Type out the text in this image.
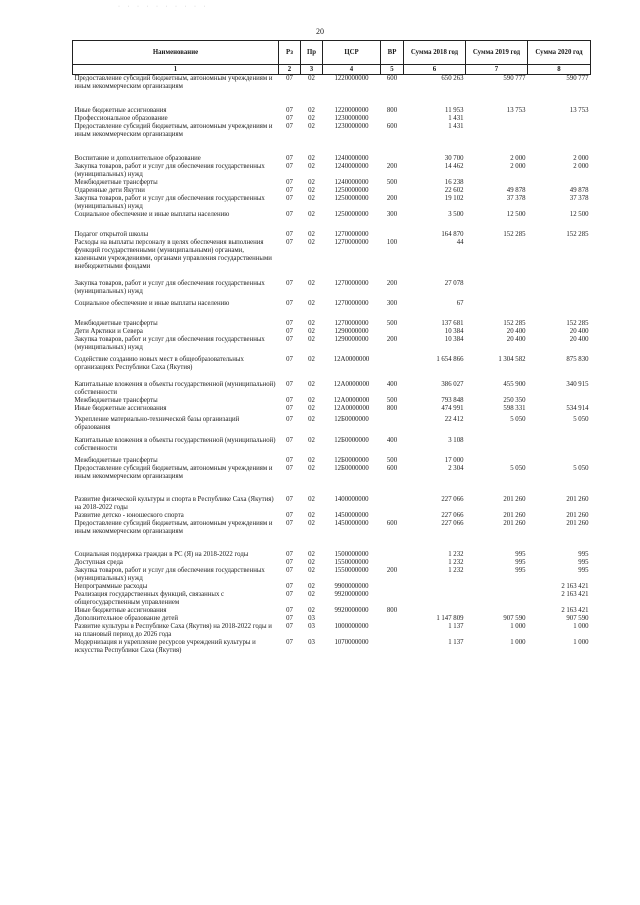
· · · · · · · · · ·
20
Наименование	Рз	Пр	ЦСР	ВР	Сумма 2018 год	Сумма 2019 год	Сумма 2020 год
1	2	3	4	5	6	7	8
Предоставление субсидий бюджетным, автономным учреждениям и иным некоммерческим организациям	07	02	1220000000	600	650 263	590 777	590 777

Иные бюджетные ассигнования	07	02	1220000000	800	11 953	13 753	13 753
Профессиональное образование	07	02	1230000000		1 431		
Предоставление субсидий бюджетным, автономным учреждениям и иным некоммерческим организациям	07	02	1230000000	600	1 431		

Воспитание и дополнительное образование	07	02	1240000000		30 700	2 000	2 000
Закупка товаров, работ и услуг для обеспечения государственных (муниципальных) нужд	07	02	1240000000	200	14 462	2 000	2 000
Межбюджетные трансферты	07	02	1240000000	500	16 238		
Одаренные дети Якутии	07	02	1250000000		22 602	49 878	49 878
Закупка товаров, работ и услуг для обеспечения государственных (муниципальных) нужд	07	02	1250000000	200	19 102	37 378	37 378
Социальное обеспечение и иные выплаты населению	07	02	1250000000	300	3 500	12 500	12 500

Подагог открытой школы	07	02	1270000000		164 870	152 285	152 285
Расходы на выплаты персоналу в целях обеспечения выполнения функций государственными (муниципальными) органами, казенными учреждениями, органами управления государственными внебюджетными фондами	07	02	1270000000	100	44		

Закупка товаров, работ и услуг для обеспечения государственных (муниципальных) нужд	07	02	1270000000	200	27 078		

Социальное обеспечение и иные выплаты населению	07	02	1270000000	300	67		

Межбюджетные трансферты	07	02	1270000000	500	137 681	152 285	152 285
Дети Арктики и Севера	07	02	1290000000		10 384	20 400	20 400
Закупка товаров, работ и услуг для обеспечения государственных (муниципальных) нужд	07	02	1290000000	200	10 384	20 400	20 400

Содействие созданию новых мест в общеобразовательных организациях Республики Саха (Якутия)	07	02	12А0000000		1 654 866	1 304 582	875 830

Капитальные вложения в объекты государственной (муниципальной) собственности	07	02	12А0000000	400	386 027	455 900	340 915
Межбюджетные трансферты	07	02	12А0000000	500	793 848	250 350	
Иные бюджетные ассигнования	07	02	12А0000000	800	474 991	598 331	534 914

Укрепление материально-технической базы организаций образования	07	02	12Б0000000		22 412	5 050	5 050

Капитальные вложения в объекты государственной (муниципальной) собственности	07	02	12Б0000000	400	3 108		

Межбюджетные трансферты	07	02	12Б0000000	500	17 000		
Предоставление субсидий бюджетным, автономным учреждениям и иным некоммерческим организациям	07	02	12Б0000000	600	2 304	5 050	5 050

Развитие физической культуры и спорта в Республике Саха (Якутия) на 2018-2022 годы	07	02	1400000000		227 066	201 260	201 260
Развитие детско - юношеского спорта	07	02	1450000000		227 066	201 260	201 260
Предоставление субсидий бюджетным, автономным учреждениям и иным некоммерческим организациям	07	02	1450000000	600	227 066	201 260	201 260

Социальная поддержка граждан в РС (Я) на 2018-2022 годы	07	02	1500000000		1 232	995	995
Доступная среда	07	02	1550000000		1 232	995	995
Закупка товаров, работ и услуг для обеспечения государственных (муниципальных) нужд	07	02	1550000000	200	1 232	995	995
Непрограммные расходы	07	02	9900000000				2 163 421
Реализация государственных функций, связанных с общегосударственным управлением	07	02	9920000000				2 163 421
Иные бюджетные ассигнования	07	02	9920000000	800			2 163 421
Дополнительное образование детей	07	03			1 147 809	907 590	907 590
Развитие культуры в Республике Саха (Якутия) на 2018-2022 годы и на плановый период до 2026 года	07	03	1000000000		1 137	1 000	1 000
Модернизация и укрепление ресурсов учреждений культуры и искусства Республики Саха (Якутия)	07	03	1070000000		1 137	1 000	1 000
